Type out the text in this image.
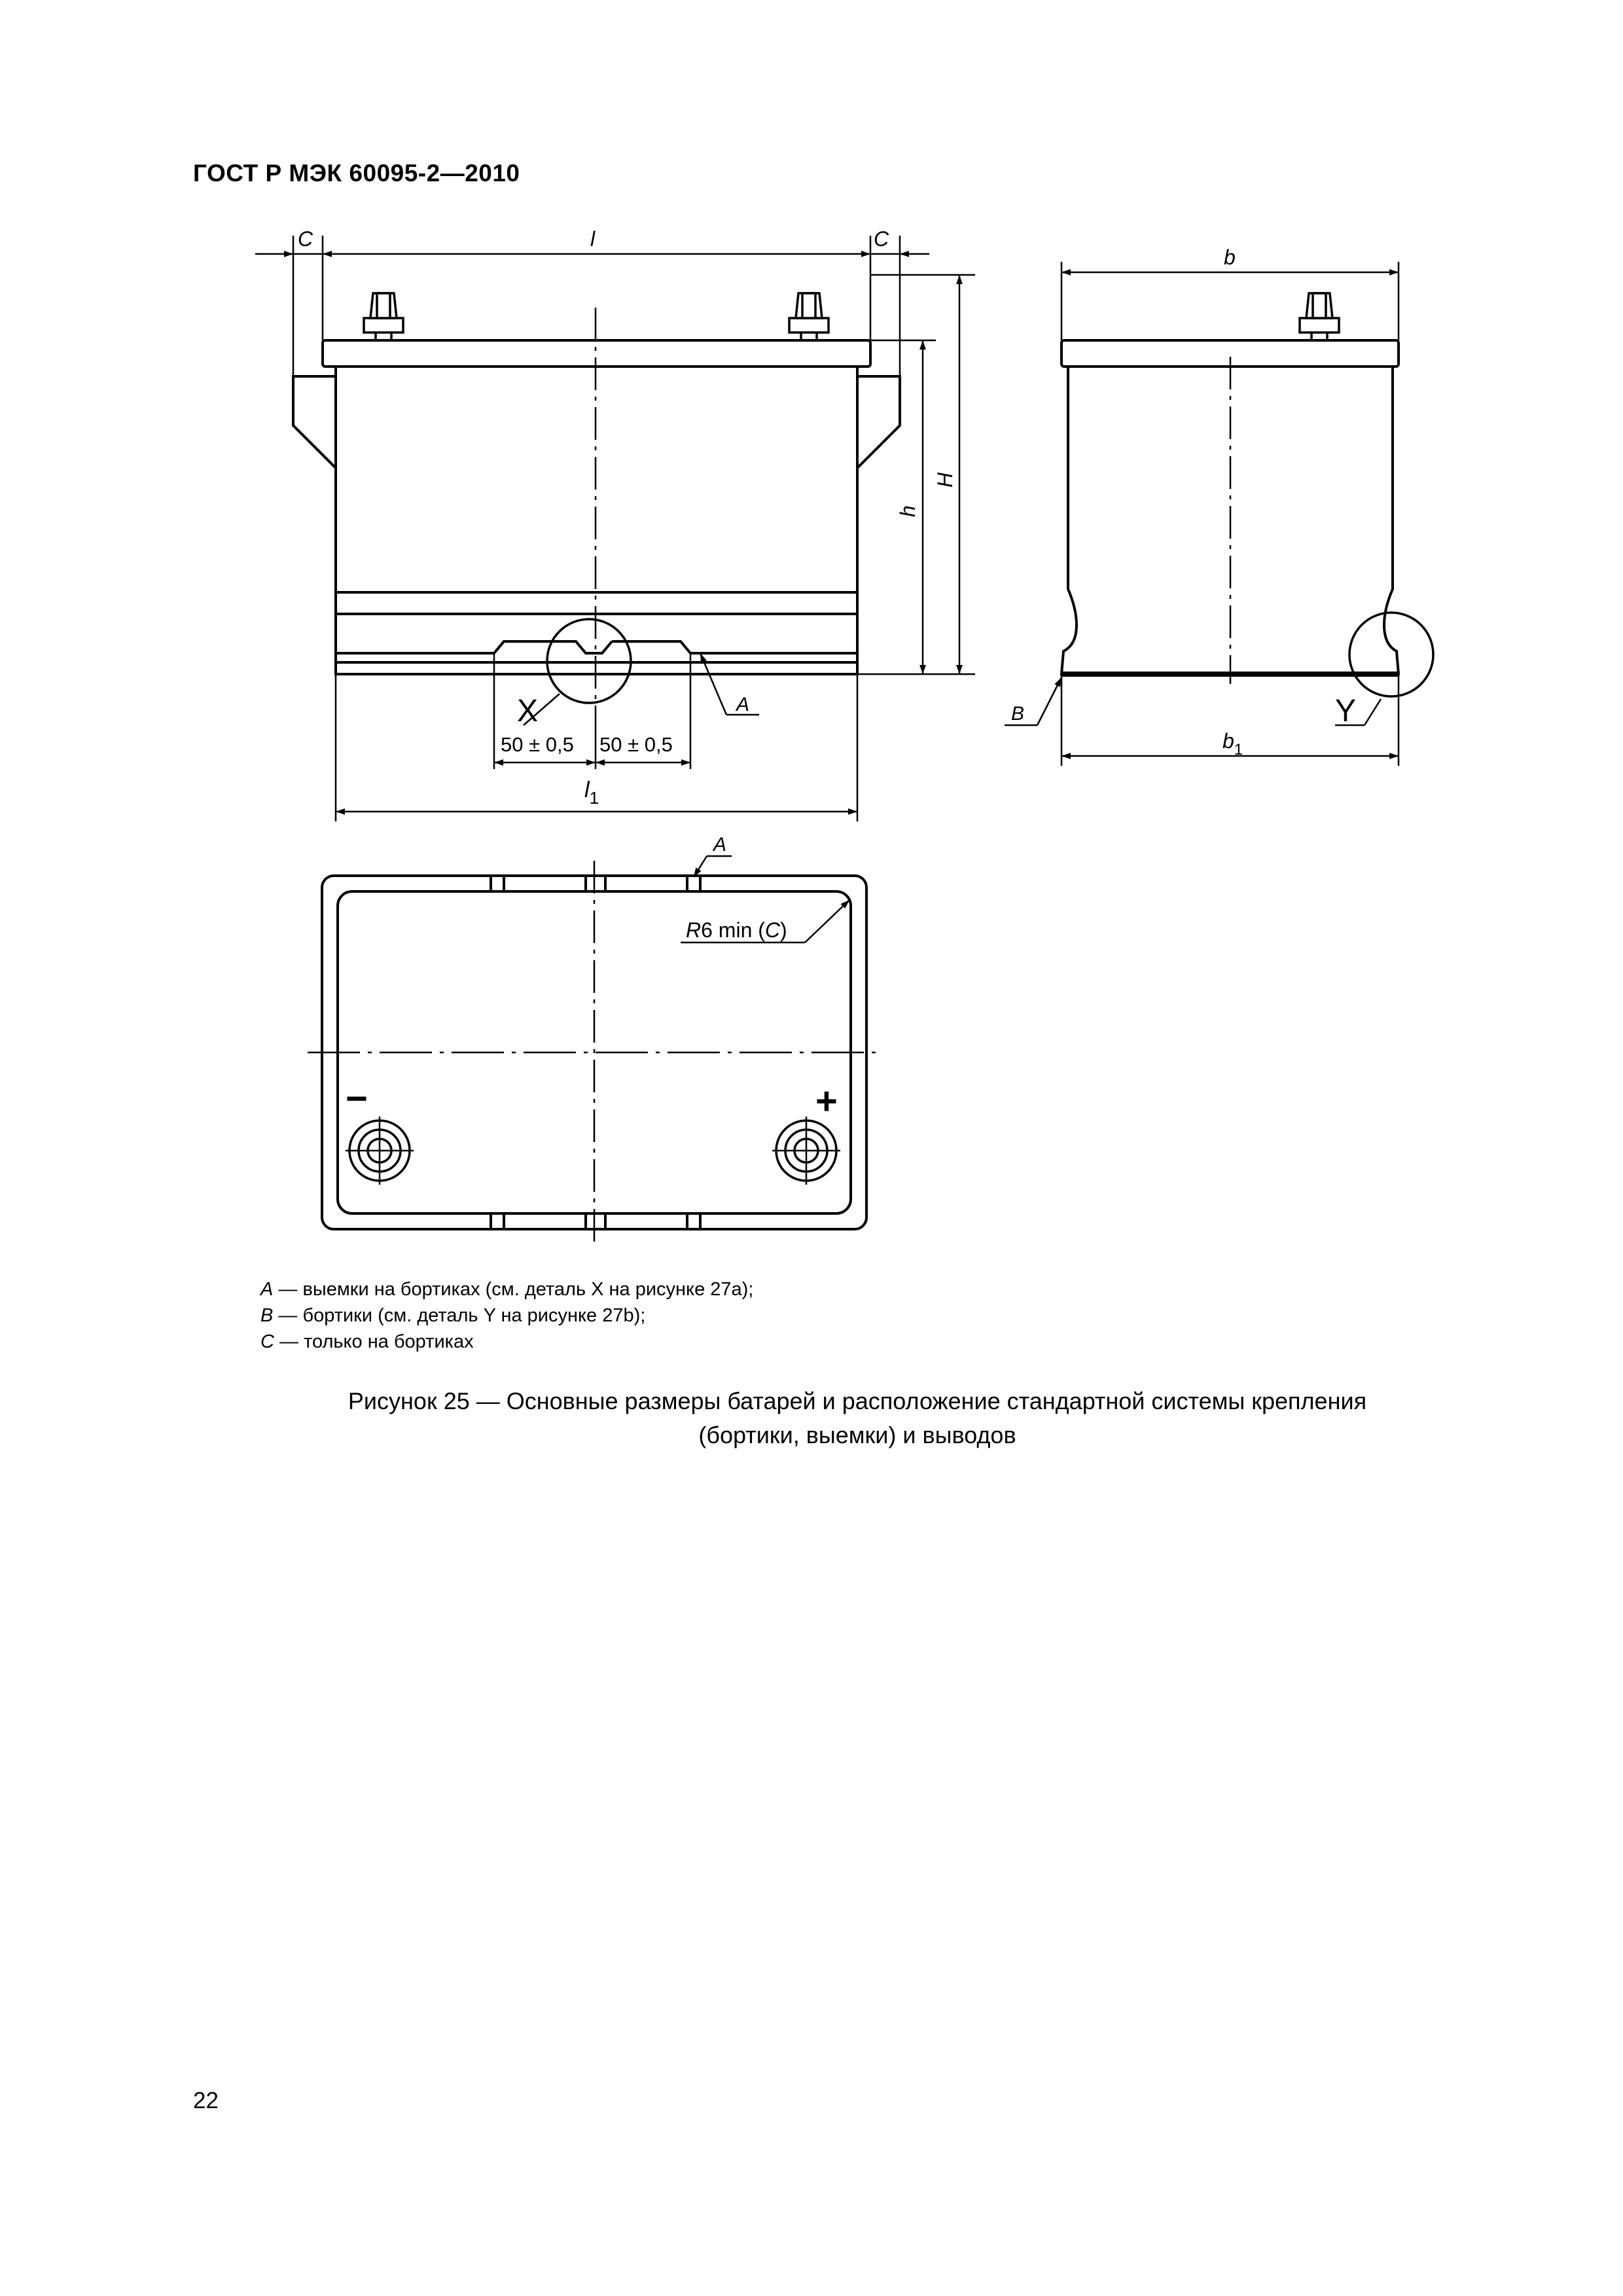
ГОСТ Р МЭК 60095-2—2010
C	l	C
H
h
X	A
50 ± 0,5 50 ± 0,5
$l_1$
b
$b_1$
B	Y
A
R6 min (C)
−	+
A — выемки на бортиках (см. деталь X на рисунке 27а);
B — бортики (см. деталь Y на рисунке 27b);
C — только на бортиках
Рисунок 25 — Основные размеры батарей и расположение стандартной системы крепления
(бортики, выемки) и выводов
22
